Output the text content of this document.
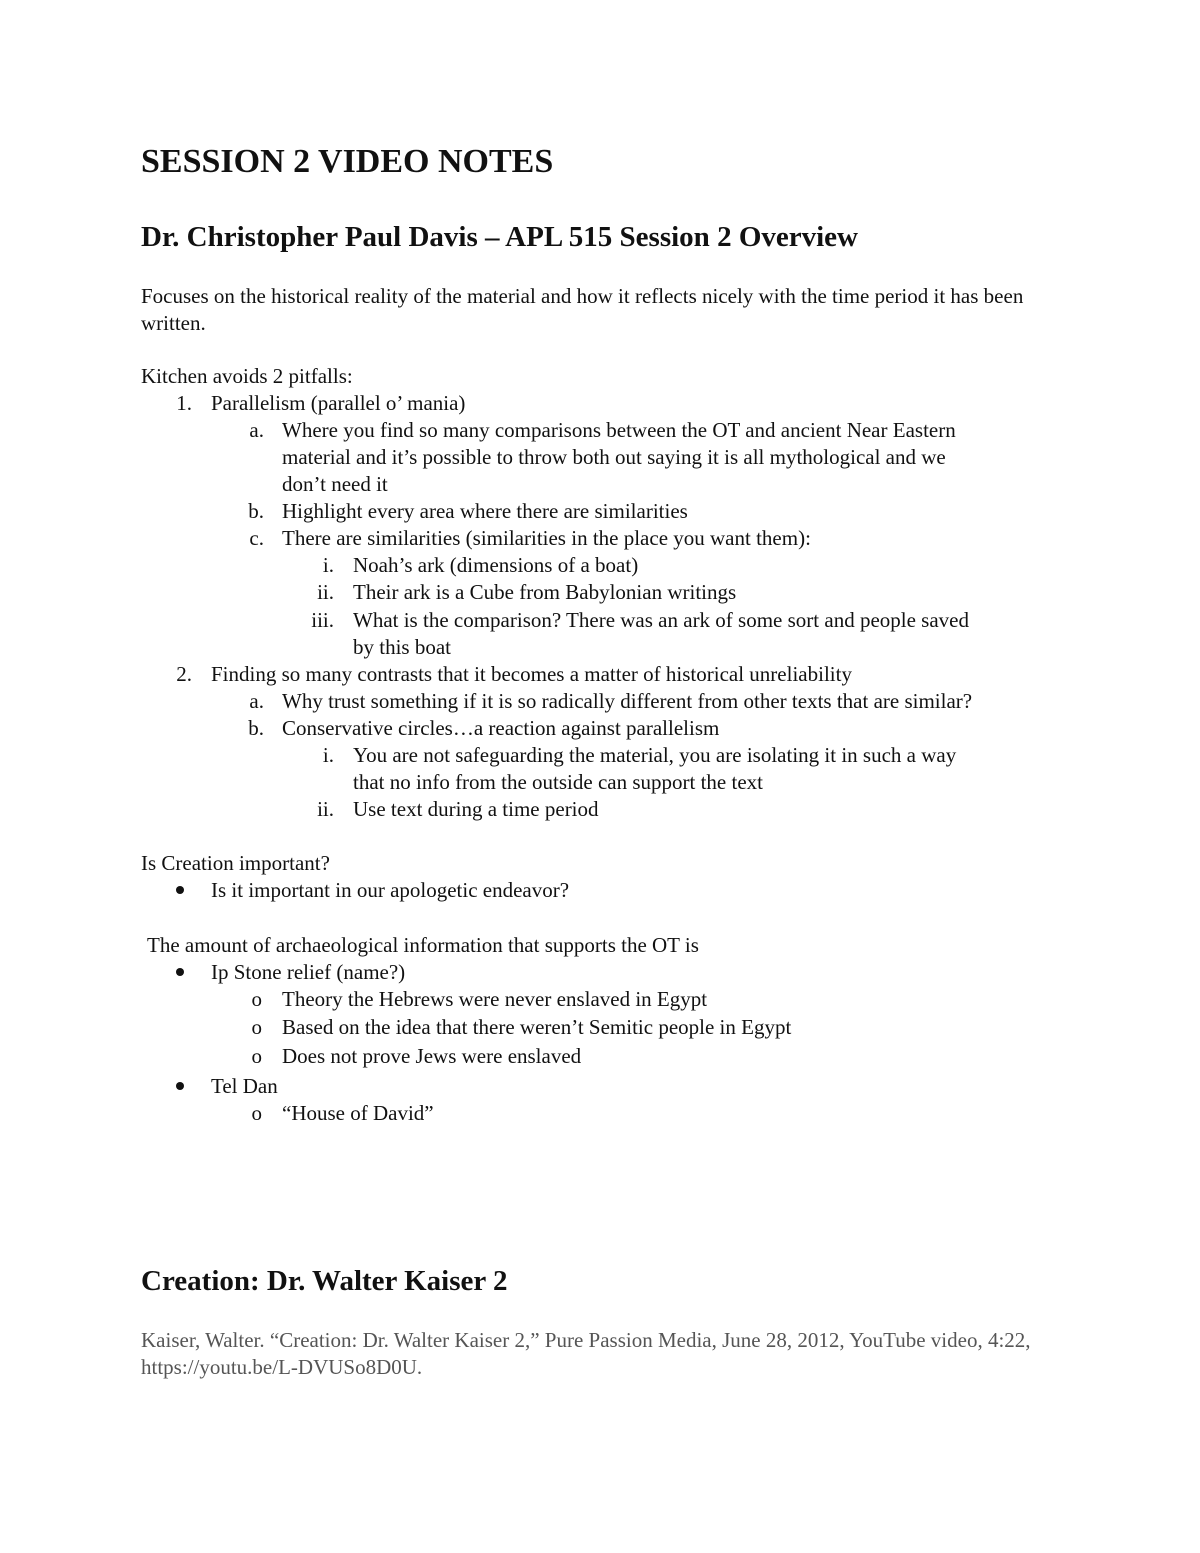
SESSION 2 VIDEO NOTES
Dr. Christopher Paul Davis – APL 515 Session 2 Overview

Focuses on the historical reality of the material and how it reflects nicely with the time period it has been written.

Kitchen avoids 2 pitfalls:
1. Parallelism (parallel o’ mania)
a. Where you find so many comparisons between the OT and ancient Near Eastern
material and it’s possible to throw both out saying it is all mythological and we
don’t need it
b. Highlight every area where there are similarities
c. There are similarities (similarities in the place you want them):
i. Noah’s ark (dimensions of a boat)
ii. Their ark is a Cube from Babylonian writings
iii. What is the comparison? There was an ark of some sort and people saved
by this boat
2. Finding so many contrasts that it becomes a matter of historical unreliability
a. Why trust something if it is so radically different from other texts that are similar?
b. Conservative circles…a reaction against parallelism
i. You are not safeguarding the material, you are isolating it in such a way
that no info from the outside can support the text
ii. Use text during a time period
Is Creation important?
Is it important in our apologetic endeavor?
The amount of archaeological information that supports the OT is
Ip Stone relief (name?)
o Theory the Hebrews were never enslaved in Egypt
o Based on the idea that there weren’t Semitic people in Egypt
o Does not prove Jews were enslaved
Tel Dan
o “House of David”
Creation: Dr. Walter Kaiser 2

Kaiser, Walter. “Creation: Dr. Walter Kaiser 2,” Pure Passion Media, June 28, 2012, YouTube video, 4:22, https://youtu.be/L-DVUSo8D0U.
